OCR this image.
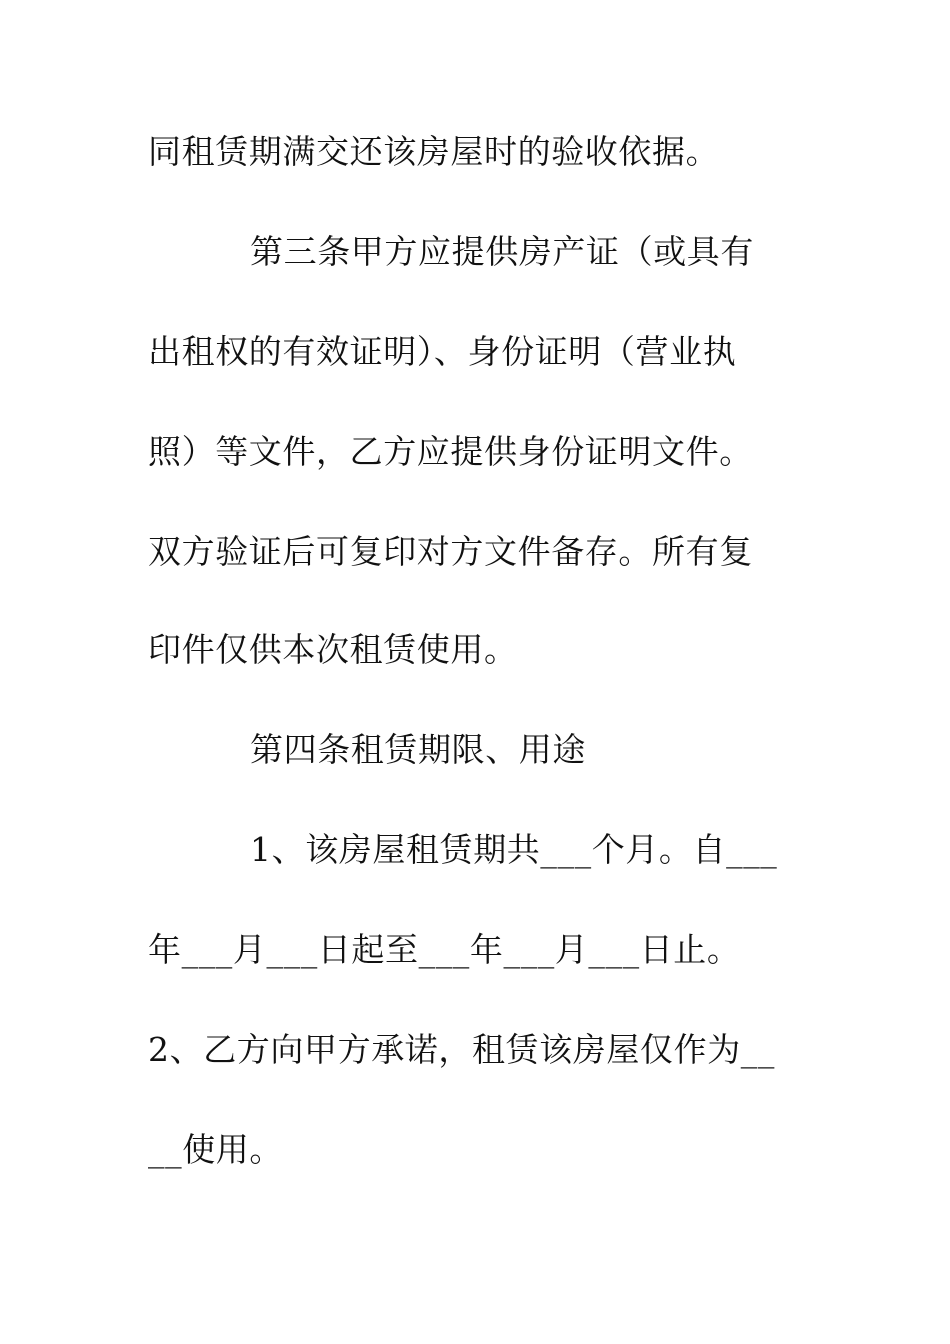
同租赁期满交还该房屋时的验收依据。
第三条甲方应提供房产证（或具有
出租权的有效证明）、身份证明（营业执
照）等文件，乙方应提供身份证明文件。
双方验证后可复印对方文件备存。所有复
印件仅供本次租赁使用。
第四条租赁期限、用途
1、该房屋租赁期共___个月。自___
年___月___日起至___年___月___日止。
2、乙方向甲方承诺，租赁该房屋仅作为__
__使用。
